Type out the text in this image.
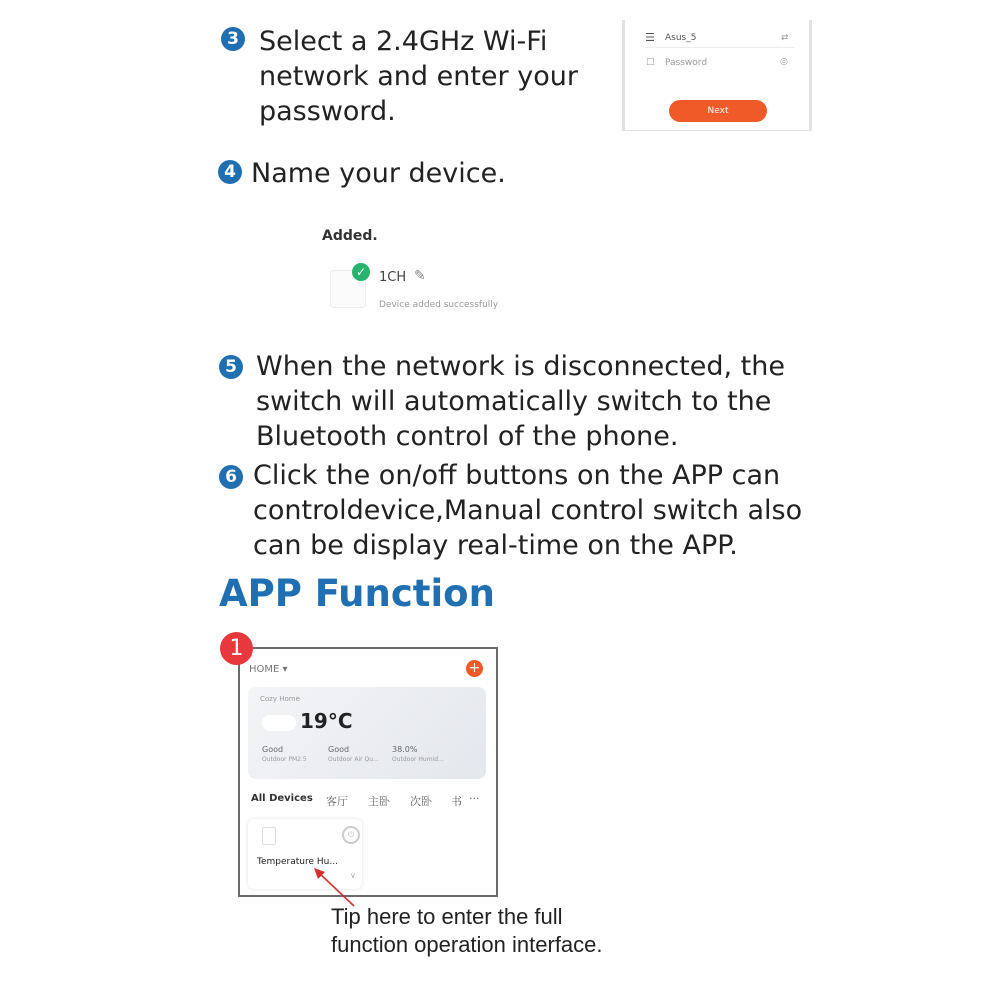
3 Select a 2.4GHz Wi-Fi
network and enter your
password.
☰ Asus_5	⇄
□ Password	◎
Next
4 Name your device.
Added.
✓ 1CH ✎
Device added successfully
5 When the network is disconnected, the
switch will automatically switch to the
Bluetooth control of the phone.
6 Click the on/off buttons on the APP can
controldevice,Manual control switch also
can be display real-time on the APP.
APP Function
HOME ▾	+
Cozy Home
19°C
Good
Outdoor PM2.5
Good
Outdoor Air Qu...
38.0%
Outdoor Humid...
All Devices 客厅 主卧 次卧 书 ···
⏻
Temperature Hu...
∨
1
Tip here to enter the full
function operation interface.
